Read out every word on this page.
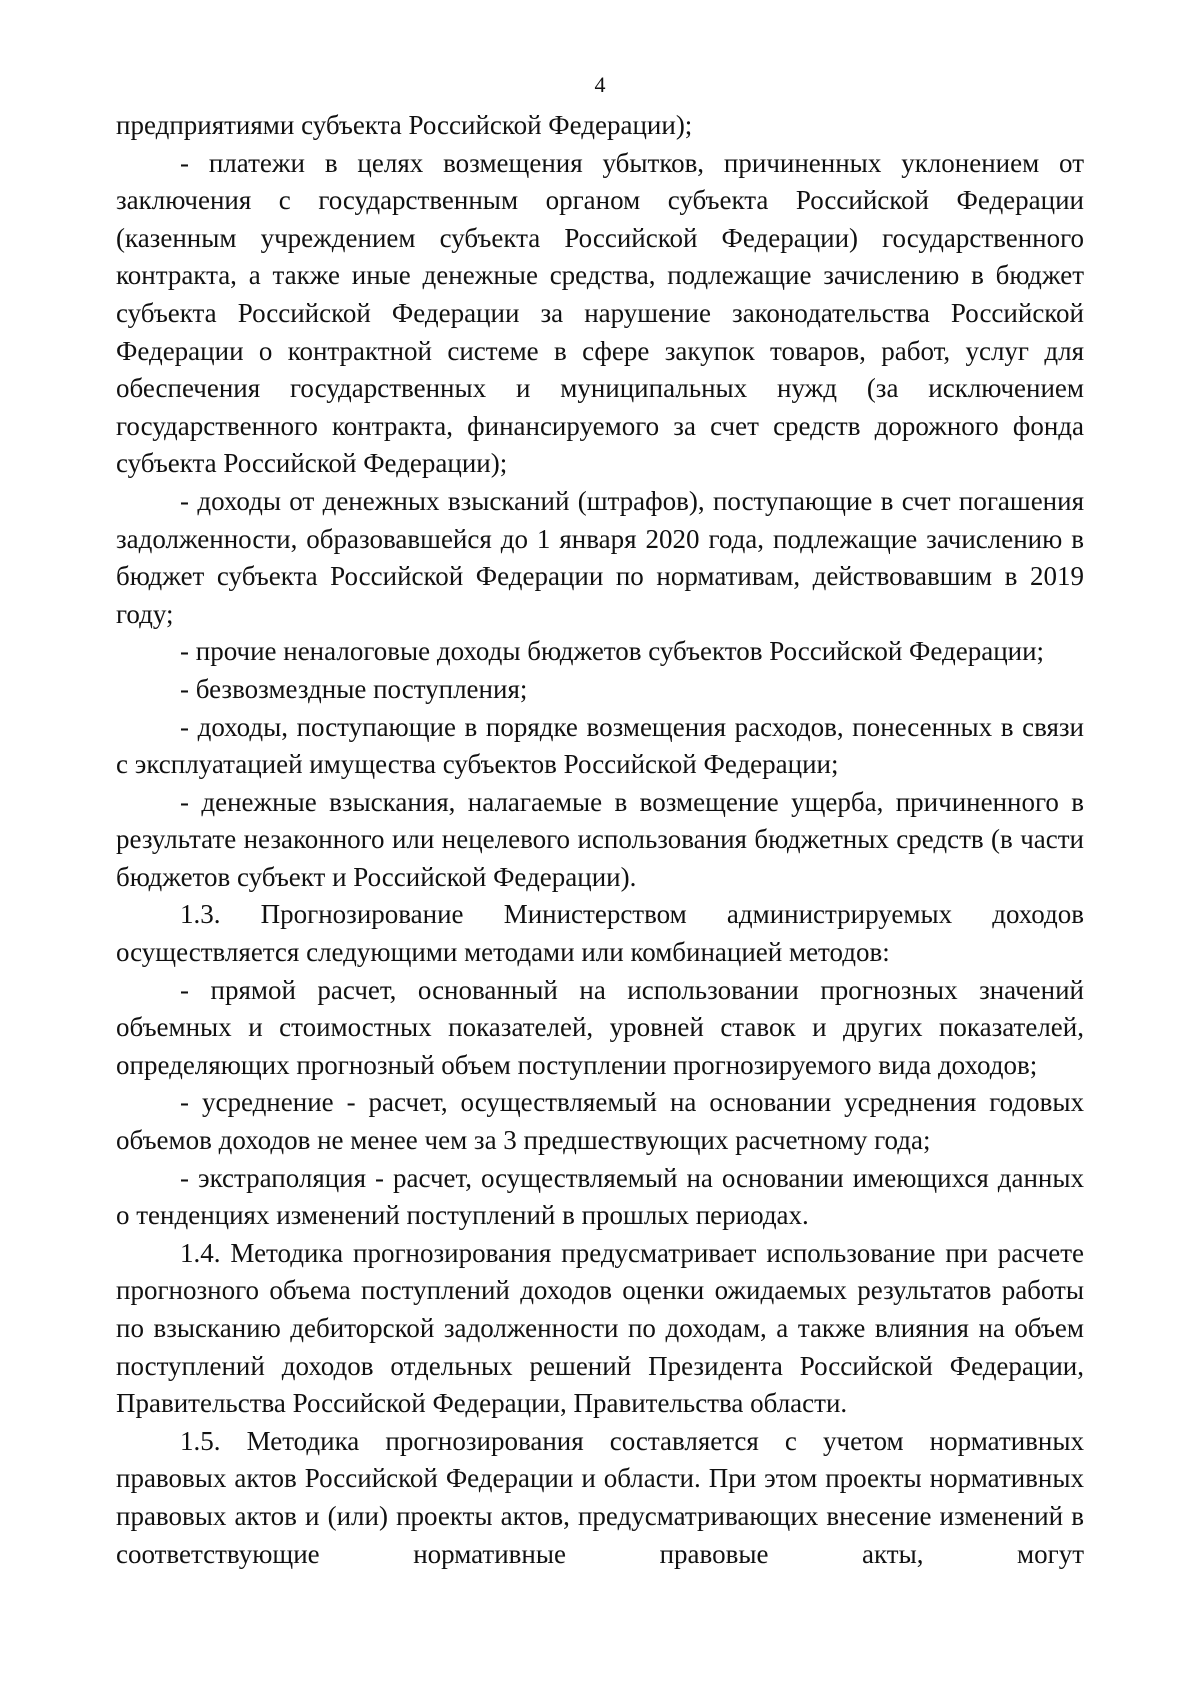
4

предприятиями субъекта Российской Федерации);

- платежи в целях возмещения убытков, причиненных уклонением от заключения с государственным органом субъекта Российской Федерации (казенным учреждением субъекта Российской Федерации) государственного контракта, а также иные денежные средства, подлежащие зачислению в бюджет субъекта Российской Федерации за нарушение законодательства Российской Федерации о контрактной системе в сфере закупок товаров, работ, услуг для обеспечения государственных и муниципальных нужд (за исключением государственного контракта, финансируемого за счет средств дорожного фонда субъекта Российской Федерации);

- доходы от денежных взысканий (штрафов), поступающие в счет погашения задолженности, образовавшейся до 1 января 2020 года, подлежащие зачислению в бюджет субъекта Российской Федерации по нормативам, действовавшим в 2019 году;

- прочие неналоговые доходы бюджетов субъектов Российской Федерации;

- безвозмездные поступления;

- доходы, поступающие в порядке возмещения расходов, понесенных в связи с эксплуатацией имущества субъектов Российской Федерации;

- денежные взыскания, налагаемые в возмещение ущерба, причиненного в результате незаконного или нецелевого использования бюджетных средств (в части бюджетов субъект и Российской Федерации).

1.3. Прогнозирование Министерством администрируемых доходов осуществляется следующими методами или комбинацией методов:

- прямой расчет, основанный на использовании прогнозных значений объемных и стоимостных показателей, уровней ставок и других показателей, определяющих прогнозный объем поступлении прогнозируемого вида доходов;

- усреднение - расчет, осуществляемый на основании усреднения годовых объемов доходов не менее чем за 3 предшествующих расчетному года;

- экстраполяция - расчет, осуществляемый на основании имеющихся данных о тенденциях изменений поступлений в прошлых периодах.

1.4. Методика прогнозирования предусматривает использование при расчете прогнозного объема поступлений доходов оценки ожидаемых результатов работы по взысканию дебиторской задолженности по доходам, а также влияния на объем поступлений доходов отдельных решений Президента Российской Федерации, Правительства Российской Федерации, Правительства области.

1.5. Методика прогнозирования составляется с учетом нормативных правовых актов Российской Федерации и области. При этом проекты нормативных правовых актов и (или) проекты актов, предусматривающих внесение изменений в соответствующие нормативные правовые акты, могут
